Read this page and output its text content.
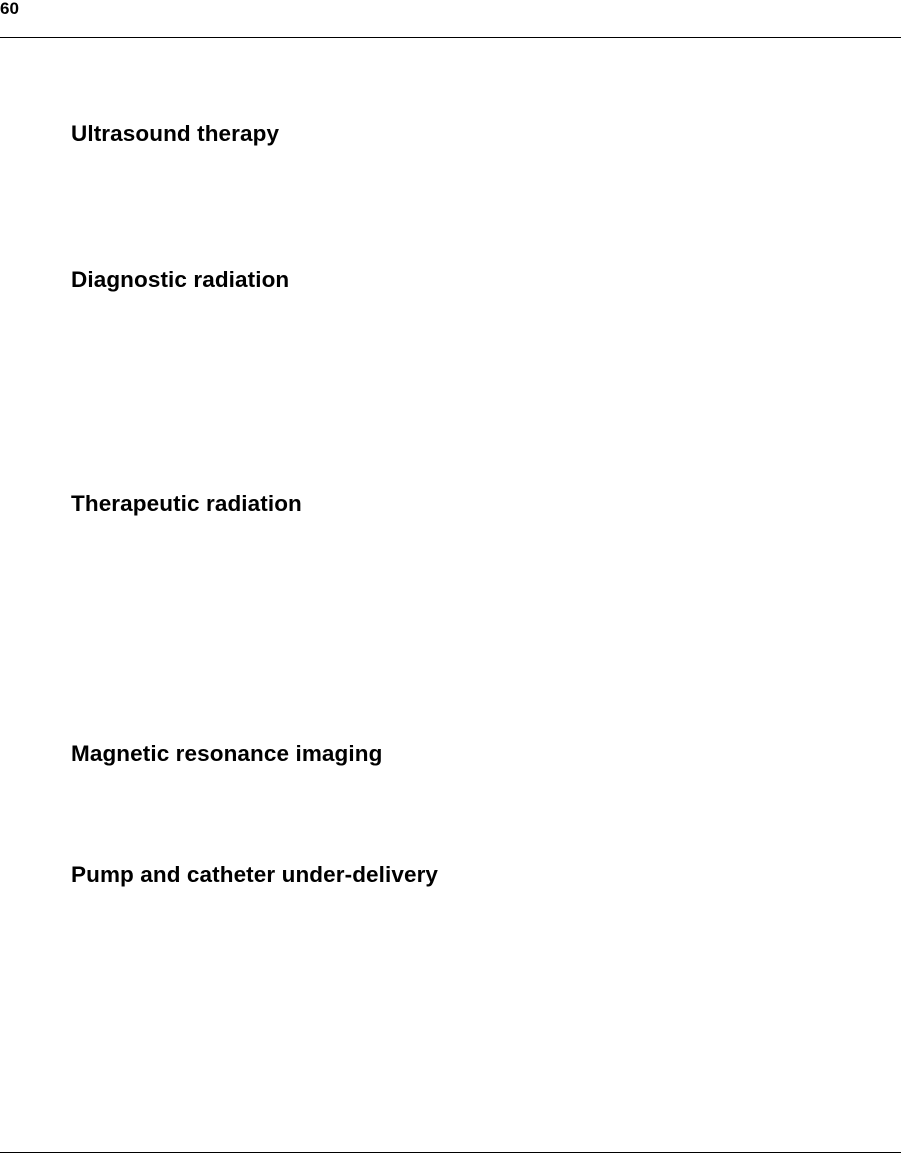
60
Ultrasound therapy
Diagnostic radiation
Therapeutic radiation
Magnetic resonance imaging
Pump and catheter under-delivery
